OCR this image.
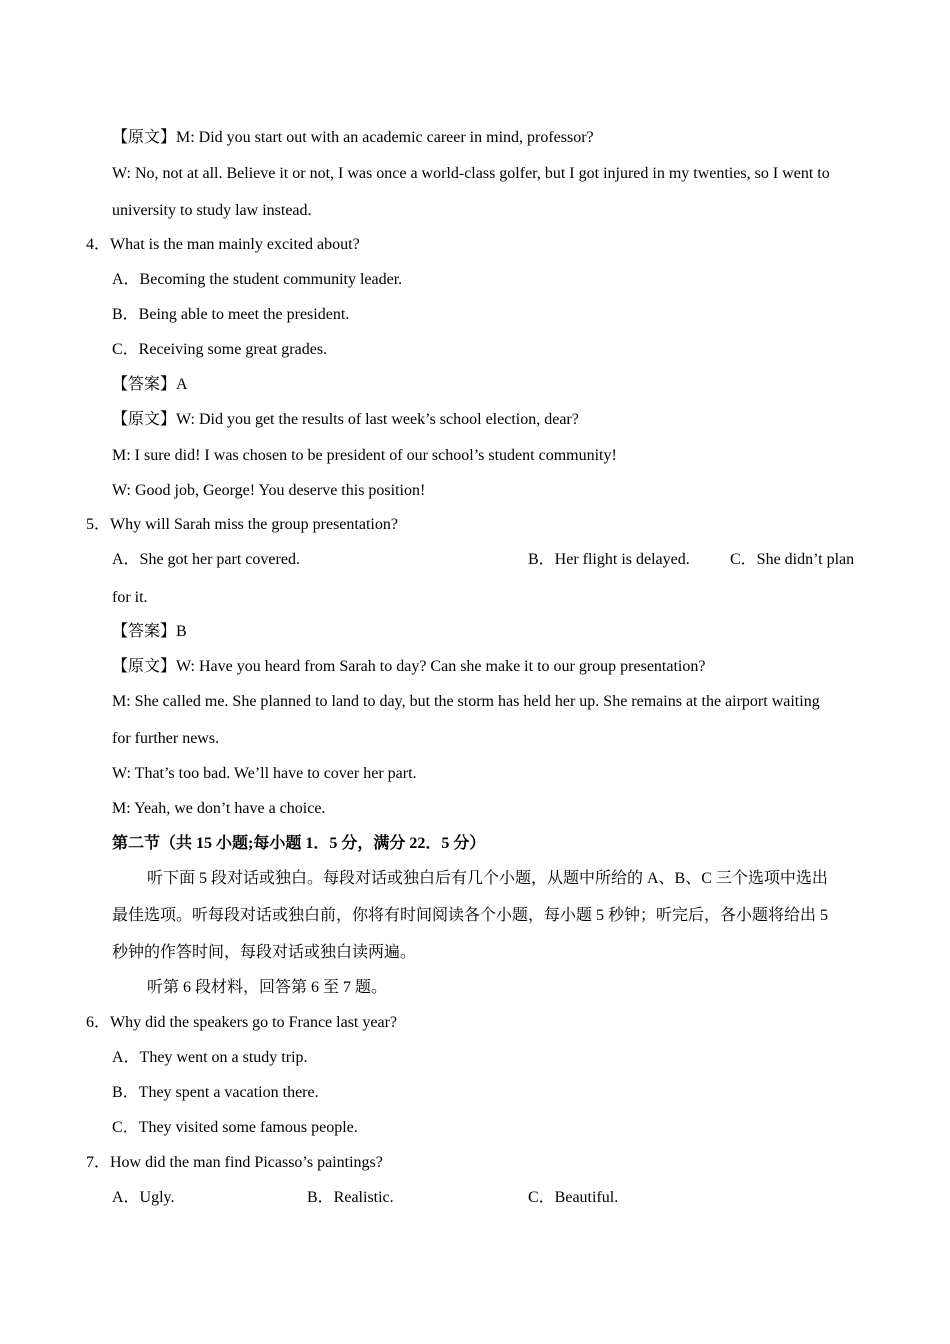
【原文】M: Did you start out with an academic career in mind, professor?
W: No, not at all. Believe it or not, I was once a world-class golfer, but I got injured in my twenties, so I went to
university to study law instead.
4．What is the man mainly excited about?
A．Becoming the student community leader.
B．Being able to meet the president.
C．Receiving some great grades.
【答案】A
【原文】W: Did you get the results of last week’s school election, dear?
M: I sure did! I was chosen to be president of our school’s student community!
W: Good job, George! You deserve this position!
5．Why will Sarah miss the group presentation?
A．She got her part covered.	B．Her flight is delayed.	C．She didn’t plan
for it.
【答案】B
【原文】W: Have you heard from Sarah to day? Can she make it to our group presentation?
M: She called me. She planned to land to day, but the storm has held her up. She remains at the airport waiting
for further news.
W: That’s too bad. We’ll have to cover her part.
M: Yeah, we don’t have a choice.
第二节（共 15 小题;每小题 1．5 分，满分 22．5 分）
听下面 5 段对话或独白。每段对话或独白后有几个小题，从题中所给的 A、B、C 三个选项中选出
最佳选项。听每段对话或独白前，你将有时间阅读各个小题，每小题 5 秒钟；听完后，各小题将给出 5
秒钟的作答时间，每段对话或独白读两遍。
听第 6 段材料，回答第 6 至 7 题。
6．Why did the speakers go to France last year?
A．They went on a study trip.
B．They spent a vacation there.
C．They visited some famous people.
7．How did the man find Picasso’s paintings?
A．Ugly.	B．Realistic.	C．Beautiful.
